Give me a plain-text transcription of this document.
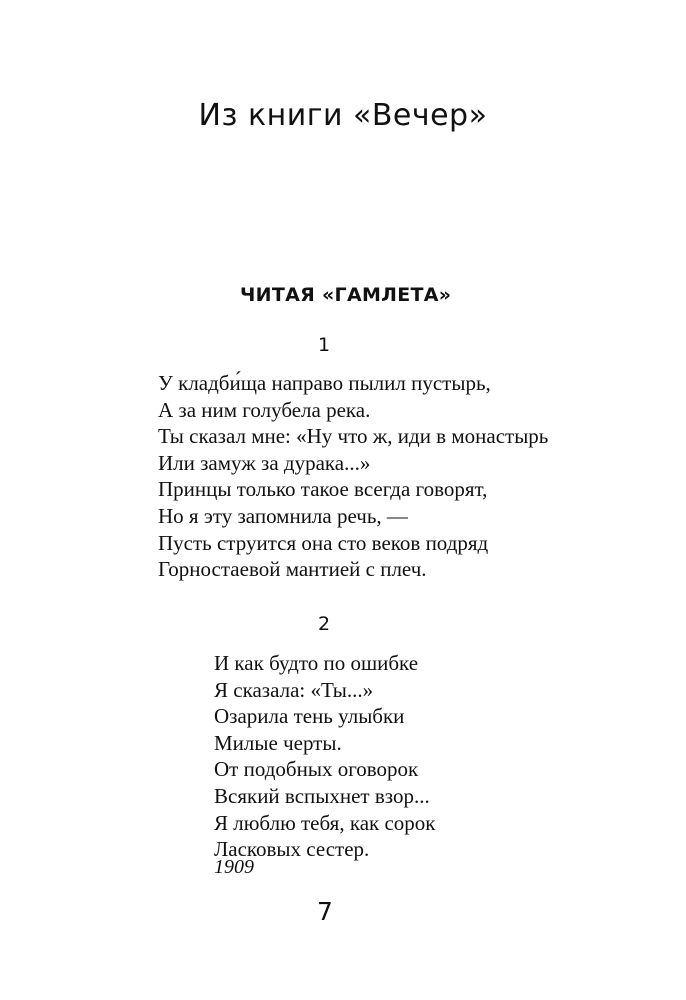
Из книги «Вечер»
ЧИТАЯ «ГАМЛЕТА»
1
У кладби́ща направо пылил пустырь,
А за ним голубела река.
Ты сказал мне: «Ну что ж, иди в монастырь
Или замуж за дурака...»
Принцы только такое всегда говорят,
Но я эту запомнила речь, —
Пусть струится она сто веков подряд
Горностаевой мантией с плеч.
2
И как будто по ошибке
Я сказала: «Ты...»
Озарила тень улыбки
Милые черты.
От подобных оговорок
Всякий вспыхнет взор...
Я люблю тебя, как сорок
Ласковых сестер.
1909
7
